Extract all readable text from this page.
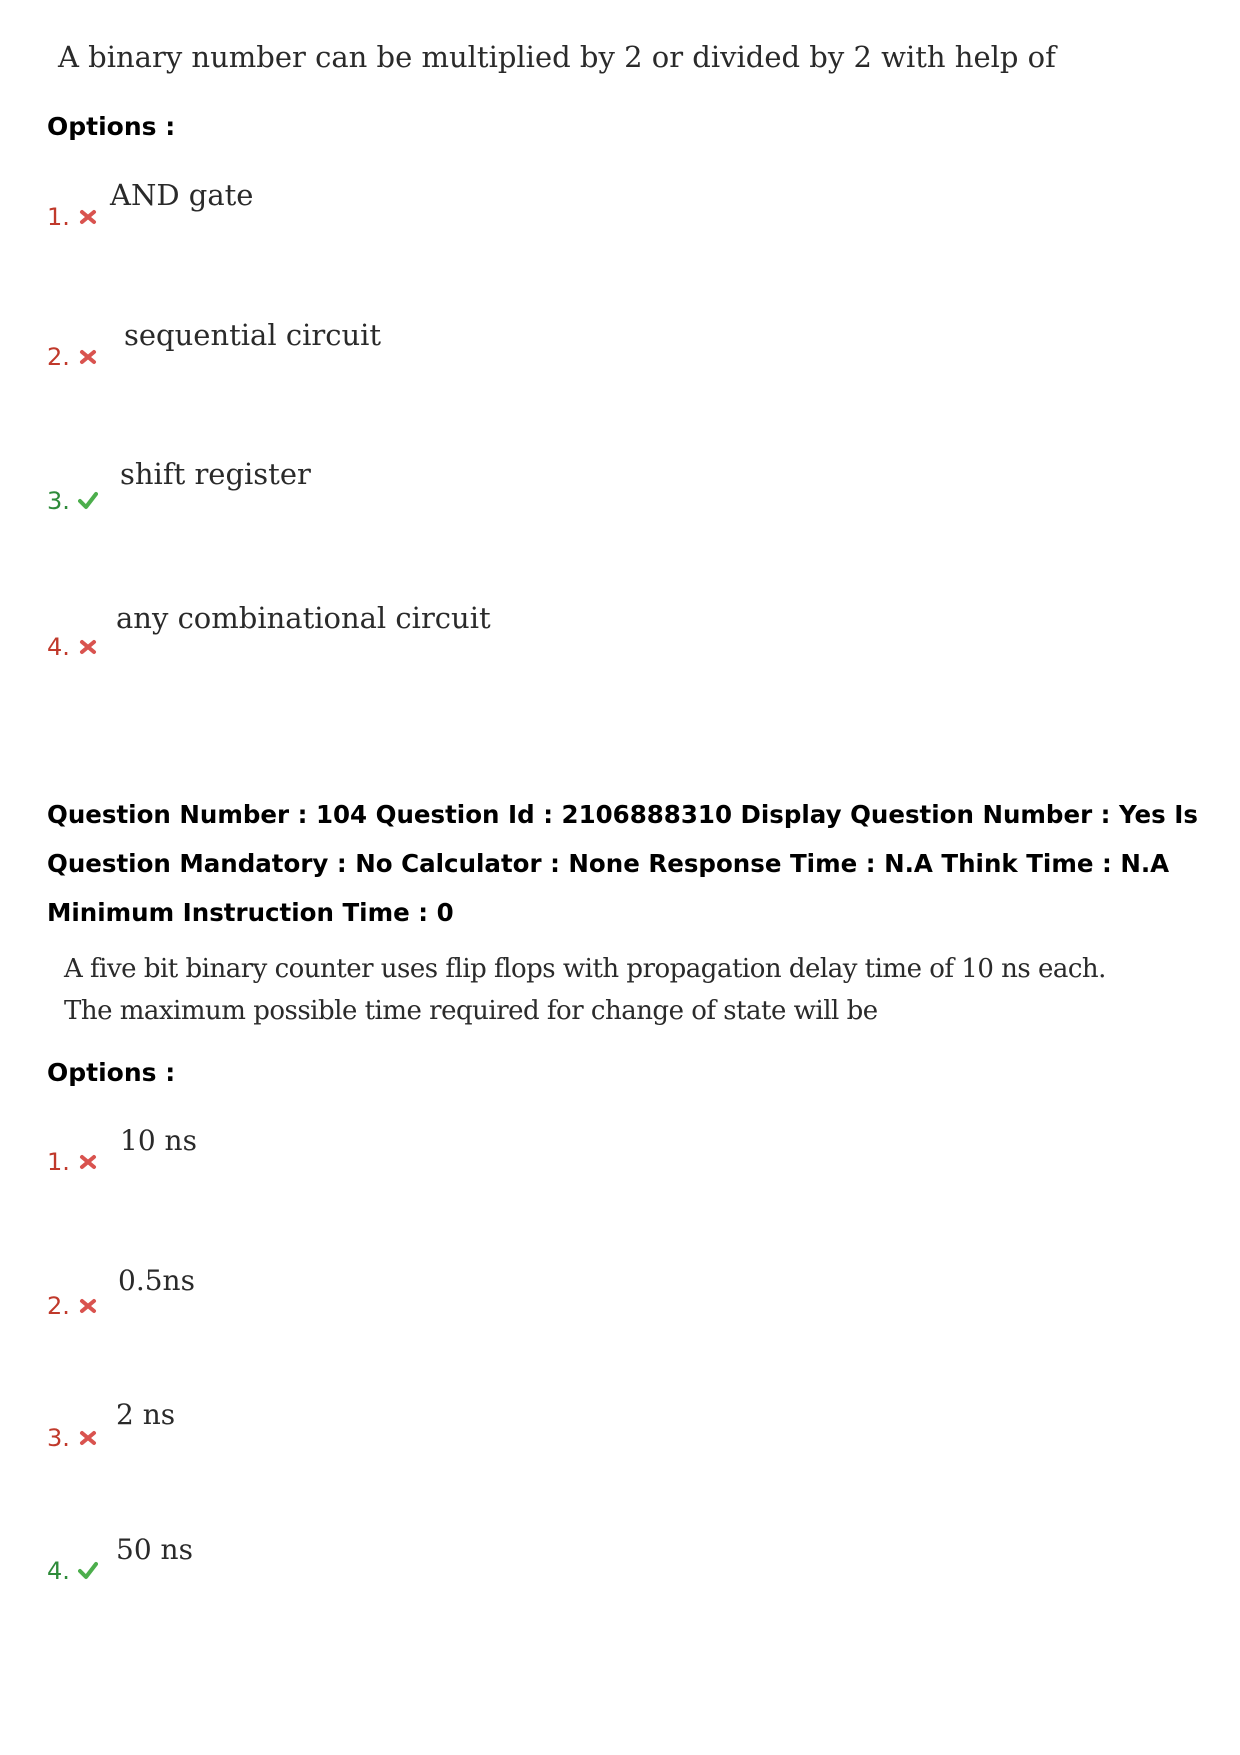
A binary number can be multiplied by 2 or divided by 2 with help of
Options :
1.
AND gate
2.
sequential circuit
3.
shift register
4.
any combinational circuit
Question Number : 104 Question Id : 2106888310 Display Question Number : Yes Is Question Mandatory : No Calculator : None Response Time : N.A Think Time : N.A Minimum Instruction Time : 0
A five bit binary counter uses flip flops with propagation delay time of 10 ns each.
The maximum possible time required for change of state will be
Options :
1.
10 ns
2.
0.5ns
3.
2 ns
4.
50 ns
